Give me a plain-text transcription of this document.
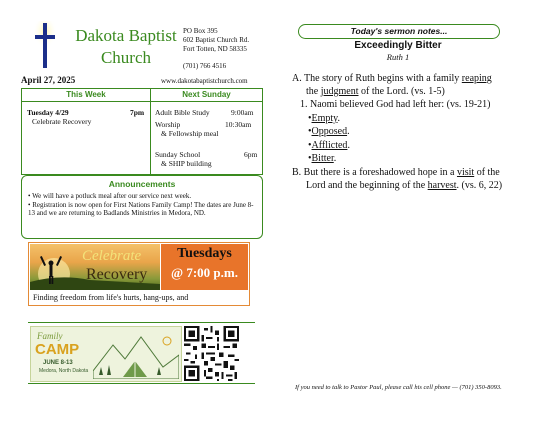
Dakota Baptist Church
PO Box 395
602 Baptist Church Rd.
Fort Totten, ND 58335
(701) 766 4516
April 27, 2025	www.dakotabaptistchurch.com
This Week	Next Sunday
Tuesday 4/29	7pm
Celebrate Recovery
Adult Bible Study	9:00am
Worship	10:30am
& Fellowship meal
Sunday School	6pm
& SHIP building
Announcements
• We will have a potluck meal after our service next week.
• Registration is now open for First Nations Family Camp! The dates are June 8-13 and we are returning to Badlands Ministries in Medora, ND.
Celebrate
Recovery
Tuesdays
@ 7:00 p.m.
Finding freedom from life's hurts, hang-ups, and
Family
CAMP
JUNE 8-13
Medora, North Dakota
Today's sermon notes...
Exceedingly Bitter
Ruth 1
A. The story of Ruth begins with a family reaping
the judgment of the Lord. (vs. 1-5)
1. Naomi believed God had left her: (vs. 19-21)
•Empty.
•Opposed.
•Afflicted.
•Bitter.
B. But there is a foreshadowed hope in a visit of the
Lord and the beginning of the harvest. (vs. 6, 22)
If you need to talk to Pastor Paul, please call his cell phone — (701) 350-8093.
